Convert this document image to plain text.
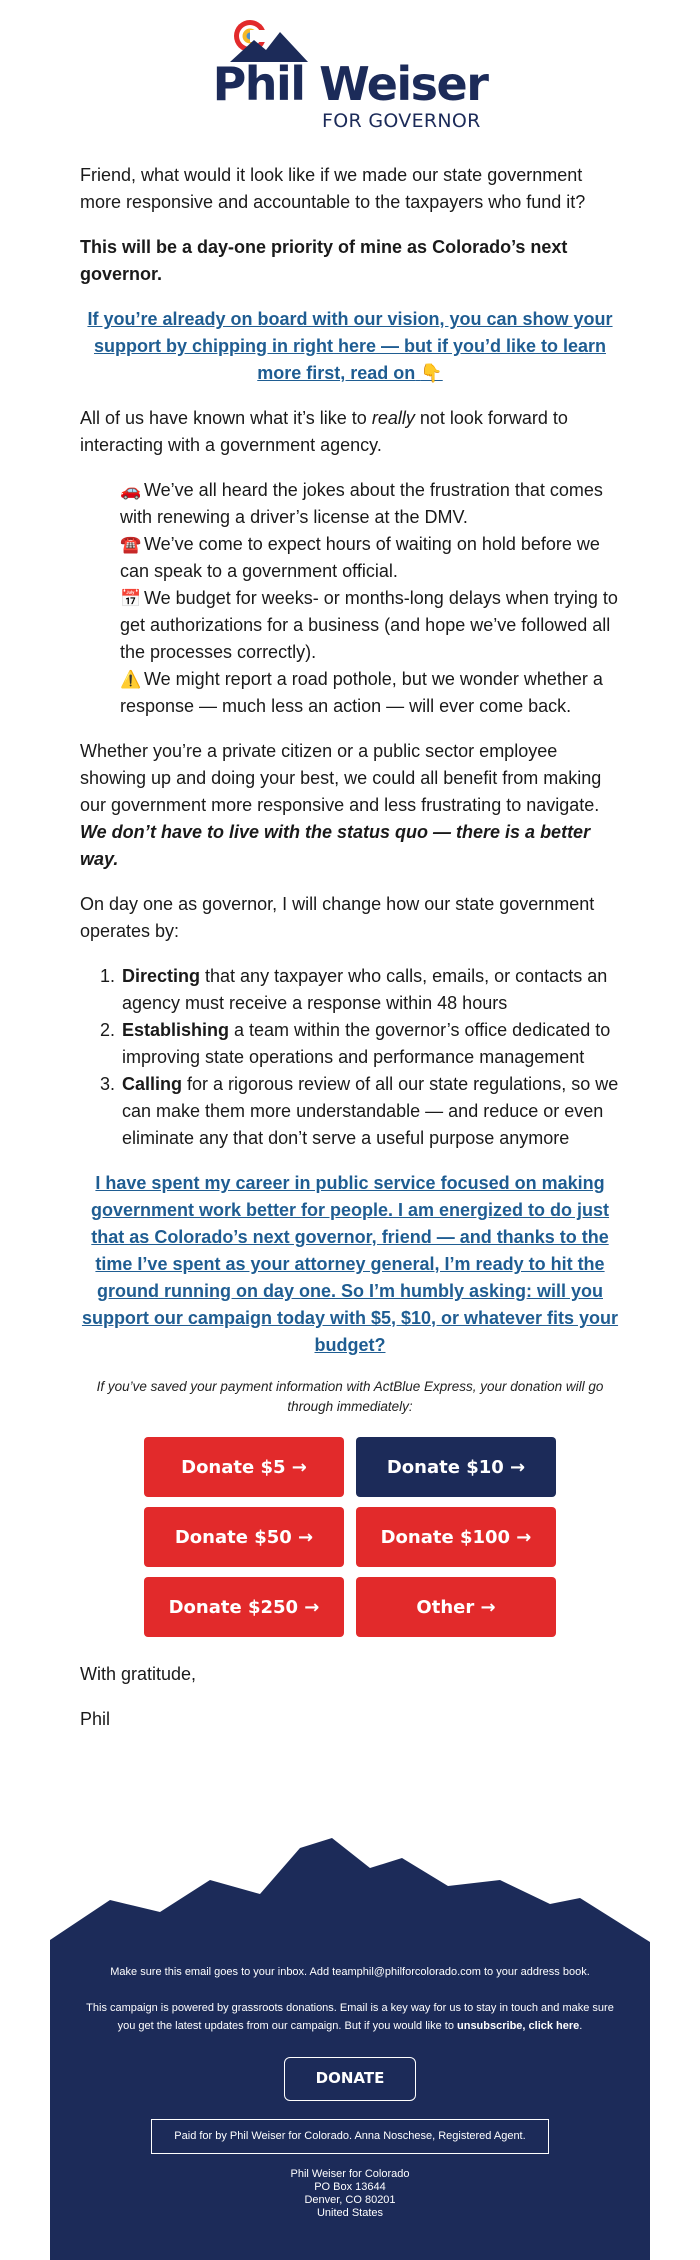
Phil Weiser
FOR GOVERNOR

Friend, what would it look like if we made our state government more responsive and accountable to the taxpayers who fund it?

This will be a day-one priority of mine as Colorado’s next governor.

If you’re already on board with our vision, you can show your support by chipping in right here — but if you’d like to learn more first, read on 👇

All of us have known what it’s like to really not look forward to interacting with a government agency.

🚗 We’ve all heard the jokes about the frustration that comes with renewing a driver’s license at the DMV.
☎️ We’ve come to expect hours of waiting on hold before we can speak to a government official.
📅 We budget for weeks- or months-long delays when trying to get authorizations for a business (and hope we’ve followed all the processes correctly).
⚠️ We might report a road pothole, but we wonder whether a response — much less an action — will ever come back.

Whether you’re a private citizen or a public sector employee showing up and doing your best, we could all benefit from making our government more responsive and less frustrating to navigate. We don’t have to live with the status quo — there is a better way.

On day one as governor, I will change how our state government operates by:

1. Directing that any taxpayer who calls, emails, or contacts an agency must receive a response within 48 hours
2. Establishing a team within the governor’s office dedicated to improving state operations and performance management
3. Calling for a rigorous review of all our state regulations, so we can make them more understandable — and reduce or even eliminate any that don’t serve a useful purpose anymore
I have spent my career in public service focused on making government work better for people. I am energized to do just that as Colorado’s next governor, friend — and thanks to the time I’ve spent as your attorney general, I’m ready to hit the ground running on day one. So I’m humbly asking: will you support our campaign today with $5, $10, or whatever fits your budget?
If you’ve saved your payment information with ActBlue Express, your donation will go through immediately:
Donate $5 →	Donate $10 →
Donate $50 →	Donate $100 →
Donate $250 →	Other →

With gratitude,

Phil

Make sure this email goes to your inbox. Add teamphil@philforcolorado.com to your address book.

This campaign is powered by grassroots donations. Email is a key way for us to stay in touch and make sure you get the latest updates from our campaign. But if you would like to unsubscribe, click here.

DONATE
Paid for by Phil Weiser for Colorado. Anna Noschese, Registered Agent.
Phil Weiser for Colorado
PO Box 13644
Denver, CO 80201
United States
